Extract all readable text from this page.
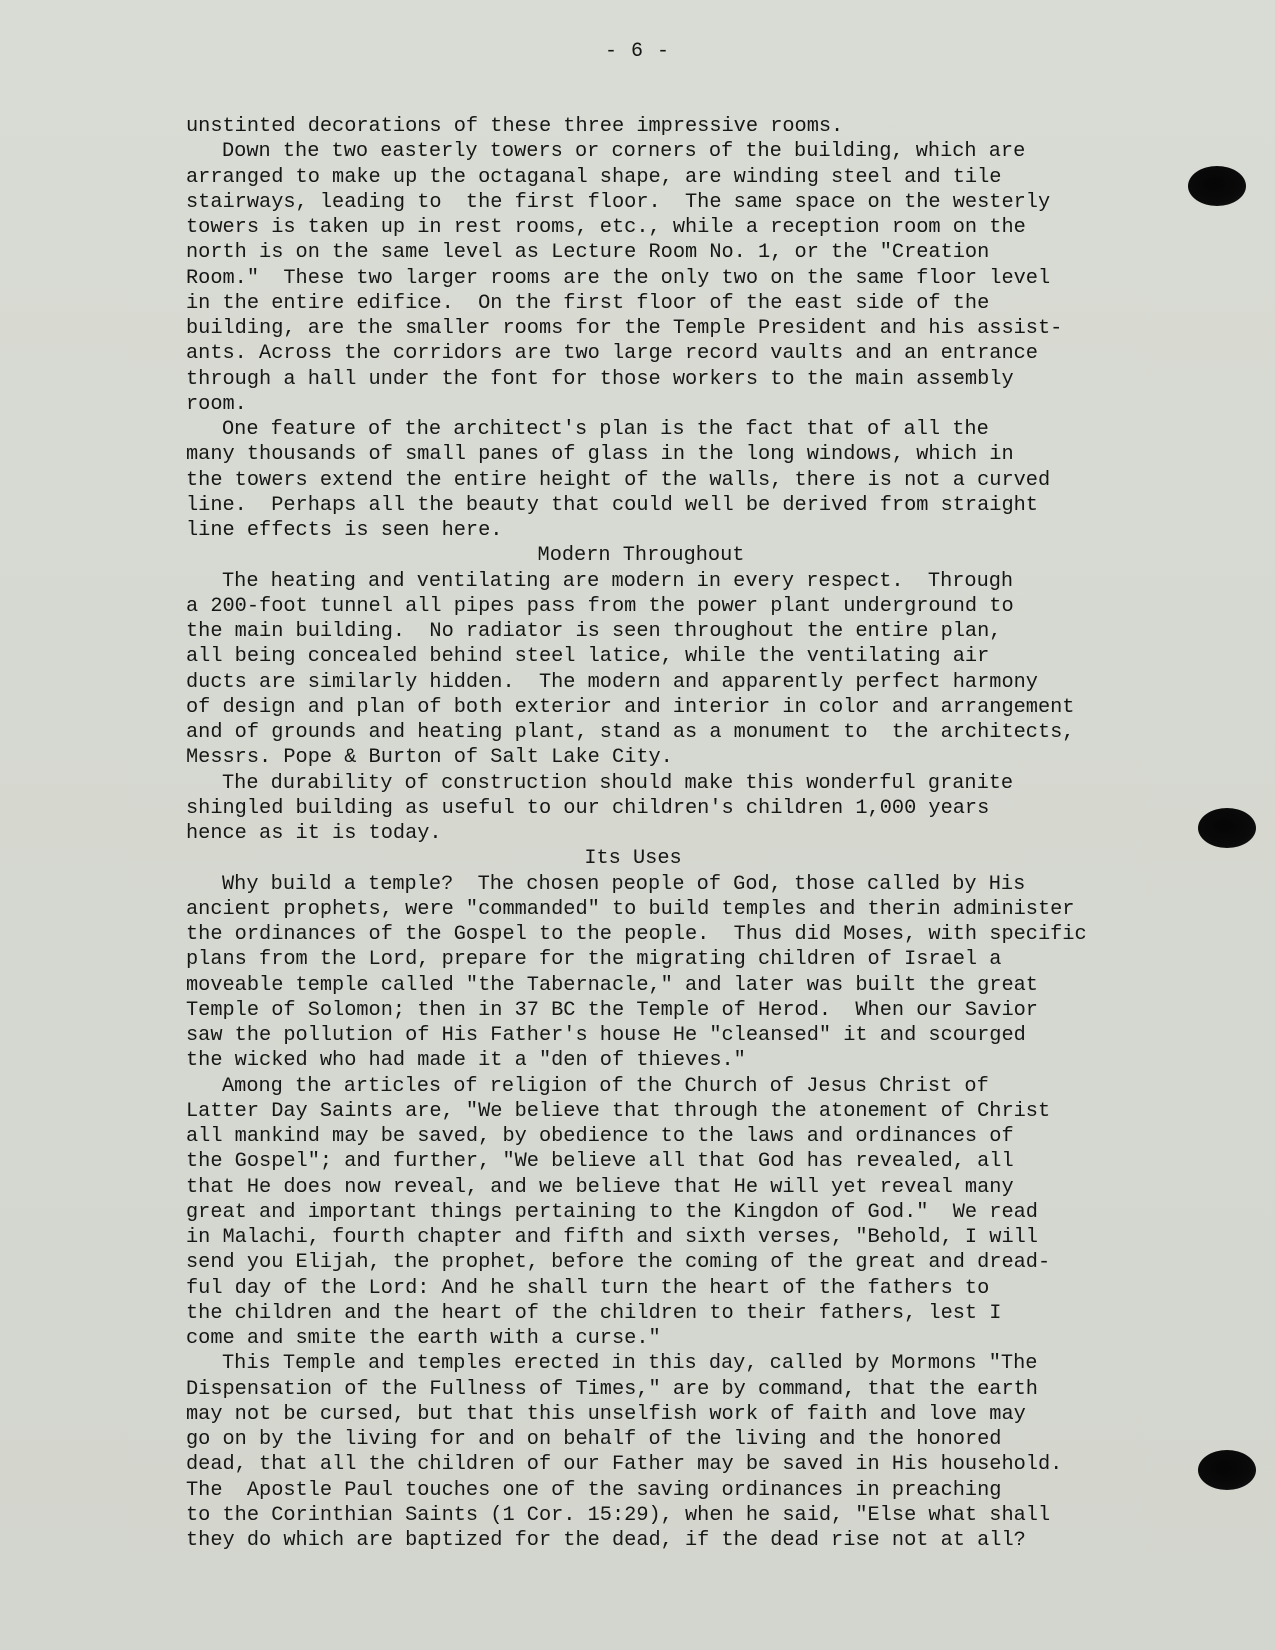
- 6 -
unstinted decorations of these three impressive rooms.
Down the two easterly towers or corners of the building, which are
arranged to make up the octaganal shape, are winding steel and tile
stairways, leading to  the first floor.  The same space on the westerly
towers is taken up in rest rooms, etc., while a reception room on the
north is on the same level as Lecture Room No. 1, or the "Creation
Room."  These two larger rooms are the only two on the same floor level
in the entire edifice.  On the first floor of the east side of the
building, are the smaller rooms for the Temple President and his assist-
ants. Across the corridors are two large record vaults and an entrance
through a hall under the font for those workers to the main assembly
room.
One feature of the architect's plan is the fact that of all the
many thousands of small panes of glass in the long windows, which in
the towers extend the entire height of the walls, there is not a curved
line.  Perhaps all the beauty that could well be derived from straight
line effects is seen here.
Modern Throughout
The heating and ventilating are modern in every respect.  Through
a 200-foot tunnel all pipes pass from the power plant underground to
the main building.  No radiator is seen throughout the entire plan,
all being concealed behind steel latice, while the ventilating air
ducts are similarly hidden.  The modern and apparently perfect harmony
of design and plan of both exterior and interior in color and arrangement
and of grounds and heating plant, stand as a monument to  the architects,
Messrs. Pope & Burton of Salt Lake City.
The durability of construction should make this wonderful granite
shingled building as useful to our children's children 1,000 years
hence as it is today.
Its Uses
Why build a temple?  The chosen people of God, those called by His
ancient prophets, were "commanded" to build temples and therin administer
the ordinances of the Gospel to the people.  Thus did Moses, with specific
plans from the Lord, prepare for the migrating children of Israel a
moveable temple called "the Tabernacle," and later was built the great
Temple of Solomon; then in 37 BC the Temple of Herod.  When our Savior
saw the pollution of His Father's house He "cleansed" it and scourged
the wicked who had made it a "den of thieves."
Among the articles of religion of the Church of Jesus Christ of
Latter Day Saints are, "We believe that through the atonement of Christ
all mankind may be saved, by obedience to the laws and ordinances of
the Gospel"; and further, "We believe all that God has revealed, all
that He does now reveal, and we believe that He will yet reveal many
great and important things pertaining to the Kingdon of God."  We read
in Malachi, fourth chapter and fifth and sixth verses, "Behold, I will
send you Elijah, the prophet, before the coming of the great and dread-
ful day of the Lord: And he shall turn the heart of the fathers to
the children and the heart of the children to their fathers, lest I
come and smite the earth with a curse."
This Temple and temples erected in this day, called by Mormons "The
Dispensation of the Fullness of Times," are by command, that the earth
may not be cursed, but that this unselfish work of faith and love may
go on by the living for and on behalf of the living and the honored
dead, that all the children of our Father may be saved in His household.
The  Apostle Paul touches one of the saving ordinances in preaching
to the Corinthian Saints (1 Cor. 15:29), when he said, "Else what shall
they do which are baptized for the dead, if the dead rise not at all?
